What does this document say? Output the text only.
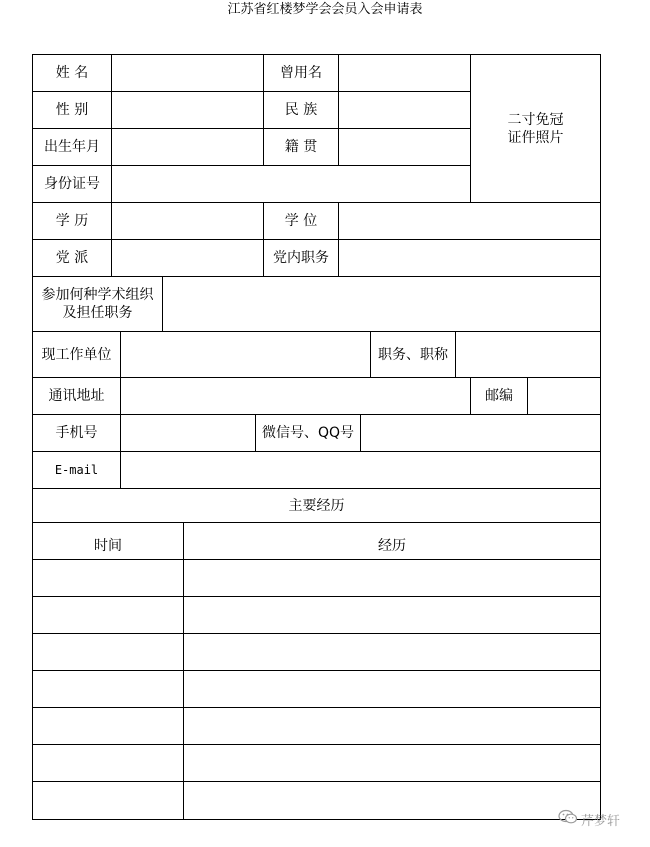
江苏省红楼梦学会会员入会申请表
姓 名	曾用名
性 别	民 族
出生年月	籍 贯
二寸免冠
证件照片
身份证号
学 历	学 位
党 派	党内职务
参加何种学术组织
及担任职务
现工作单位	职务、职称
通讯地址	邮编
手机号	微信号、QQ号
E-mail
主要经历
时间	经历
芹梦轩
